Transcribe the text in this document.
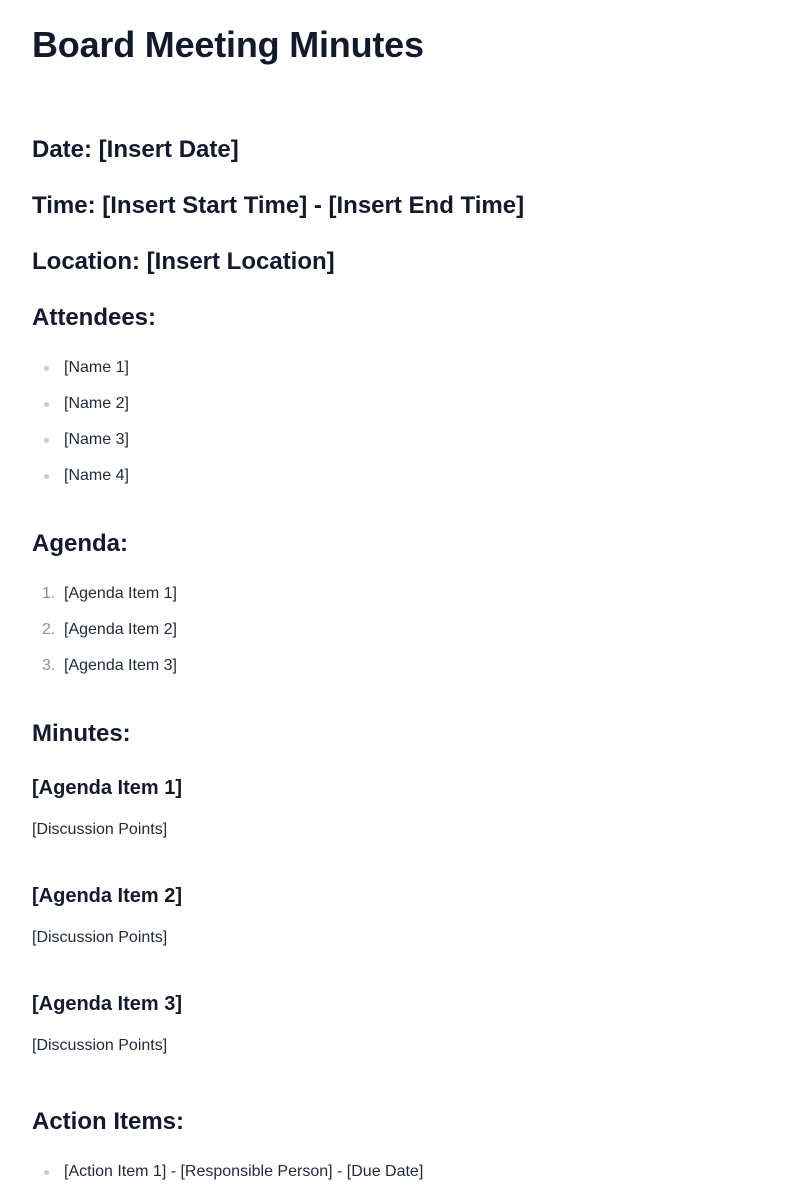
Board Meeting Minutes
Date: [Insert Date]
Time: [Insert Start Time] - [Insert End Time]
Location: [Insert Location]
Attendees:
[Name 1]
[Name 2]
[Name 3]
[Name 4]
Agenda:
1. [Agenda Item 1]
2. [Agenda Item 2]
3. [Agenda Item 3]
Minutes:
[Agenda Item 1]

[Discussion Points]

[Agenda Item 2]

[Discussion Points]

[Agenda Item 3]

[Discussion Points]

Action Items:
[Action Item 1] - [Responsible Person] - [Due Date]
